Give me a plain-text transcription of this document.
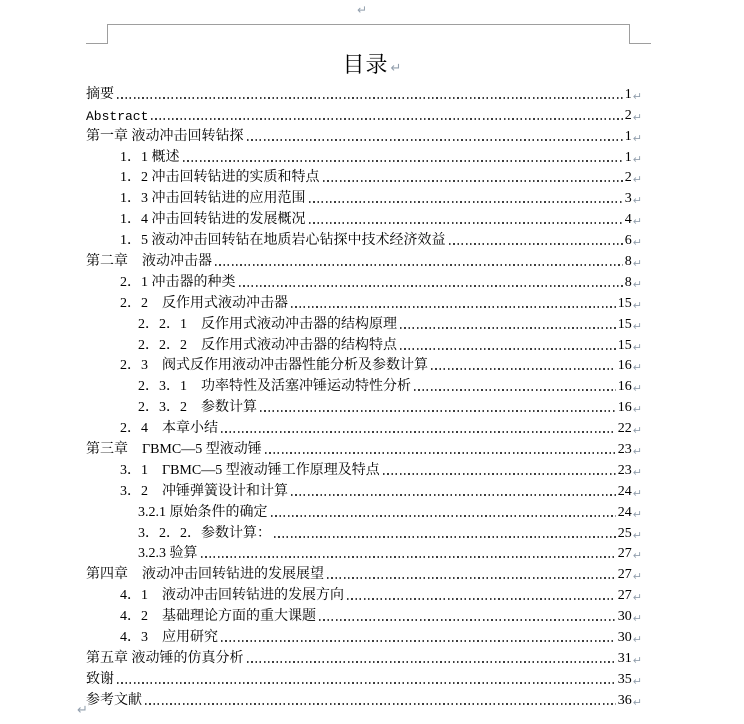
↵
目录 ↵
摘要	1 ↵
Abstract	2 ↵
第一章 液动冲击回转钻探	1 ↵
1．1 概述	1 ↵
1．2 冲击回转钻进的实质和特点	2 ↵
1．3 冲击回转钻进的应用范围	3 ↵
1．4 冲击回转钻进的发展概况	4 ↵
1．5 液动冲击回转钻在地质岩心钻探中技术经济效益	6 ↵
第二章　液动冲击器	8 ↵
2．1 冲击器的种类	8 ↵
2．2　反作用式液动冲击器	15 ↵
2．2．1　反作用式液动冲击器的结构原理	15 ↵
2．2．2　反作用式液动冲击器的结构特点	15 ↵
2．3　阀式反作用液动冲击器性能分析及参数计算	16 ↵
2．3．1　功率特性及活塞冲锤运动特性分析	16 ↵
2．3．2　参数计算	16 ↵
2．4　本章小结	22 ↵
第三章　ΓBMC—5 型液动锤	23 ↵
3．1　ΓBMC—5 型液动锤工作原理及特点	23 ↵
3．2　冲锤弹簧设计和计算	24 ↵
3.2.1 原始条件的确定	24 ↵
3．2．2．参数计算：	25 ↵
3.2.3 验算	27 ↵
第四章　液动冲击回转钻进的发展展望	27 ↵
4．1　液动冲击回转钻进的发展方向	27 ↵
4．2　基础理论方面的重大课题	30 ↵
4．3　应用研究	30 ↵
第五章 液动锤的仿真分析	31 ↵
致谢	35 ↵
参考文献	36 ↵
↵
